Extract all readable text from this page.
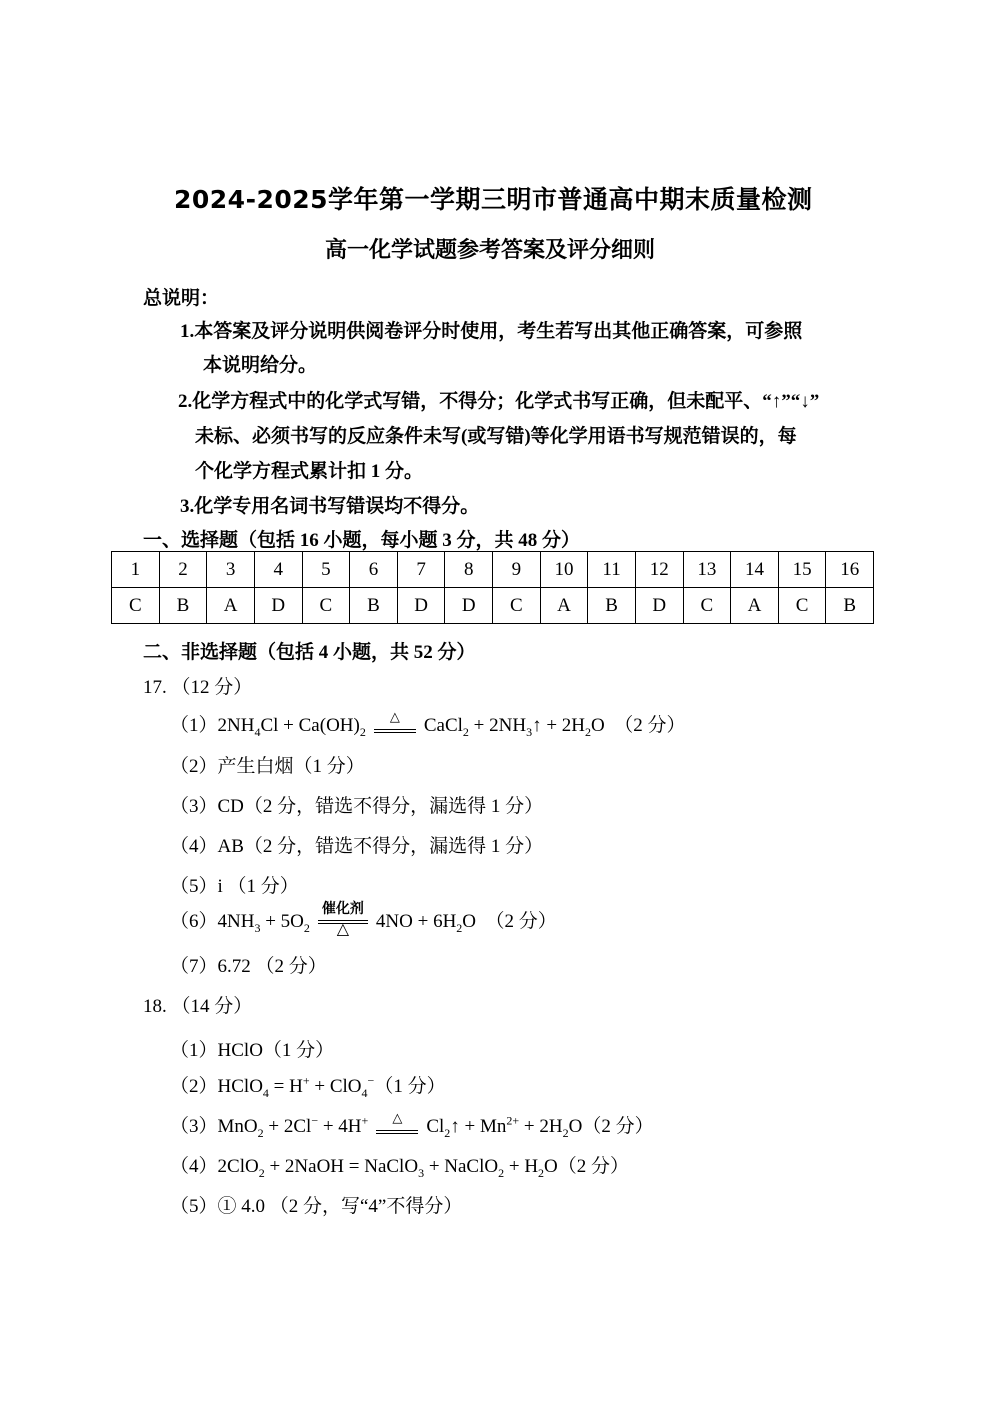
2024-2025学年第一学期三明市普通高中期末质量检测
高一化学试题参考答案及评分细则
总说明：
1.本答案及评分说明供阅卷评分时使用，考生若写出其他正确答案，可参照
本说明给分。
2.化学方程式中的化学式写错，不得分；化学式书写正确，但未配平、“↑”“↓”
未标、必须书写的反应条件未写(或写错)等化学用语书写规范错误的，每
个化学方程式累计扣 1 分。
3.化学专用名词书写错误均不得分。
一、选择题（包括 16 小题，每小题 3 分，共 48 分）
1	2	3	4	5	6	7	8	9	10	11	12	13	14	15	16
C	B	A	D	C	B	D	D	C	A	B	D	C	A	C	B
二、非选择题（包括 4 小题，共 52 分）
17. （12 分）
$(1)2NH_4Cl + Ca(OH)_2$
△	CaCl$_2$ + $2NH_3↑ + 2H_2O$ （2 分）
（2）产生白烟（1 分）
（3）CD（2 分，错选不得分，漏选得 1 分）
（4）AB（2 分，错选不得分，漏选得 1 分）
（5）i （1 分）
$(6)4NH_3 + 5O_2$
催化剂
△	$4NO + 6H_2O$ （2 分）
（7）6.72 （2 分）
18. （14 分）
（1）HClO（1 分）
（2）HClO$_4$ = H+ + ClO$_4$−（1 分）
（3）MnO$_2$ + 2Cl− + 4H+	△	$Cl_2↑ + Mn^{2+} + 2H_2O(2$ 分）
（4）2ClO$_2$ + 2NaOH = NaClO$_3$ + NaClO$_2$ + $H_2O(2$ 分）
（5）① 4.0 （2 分，写“4”不得分）
